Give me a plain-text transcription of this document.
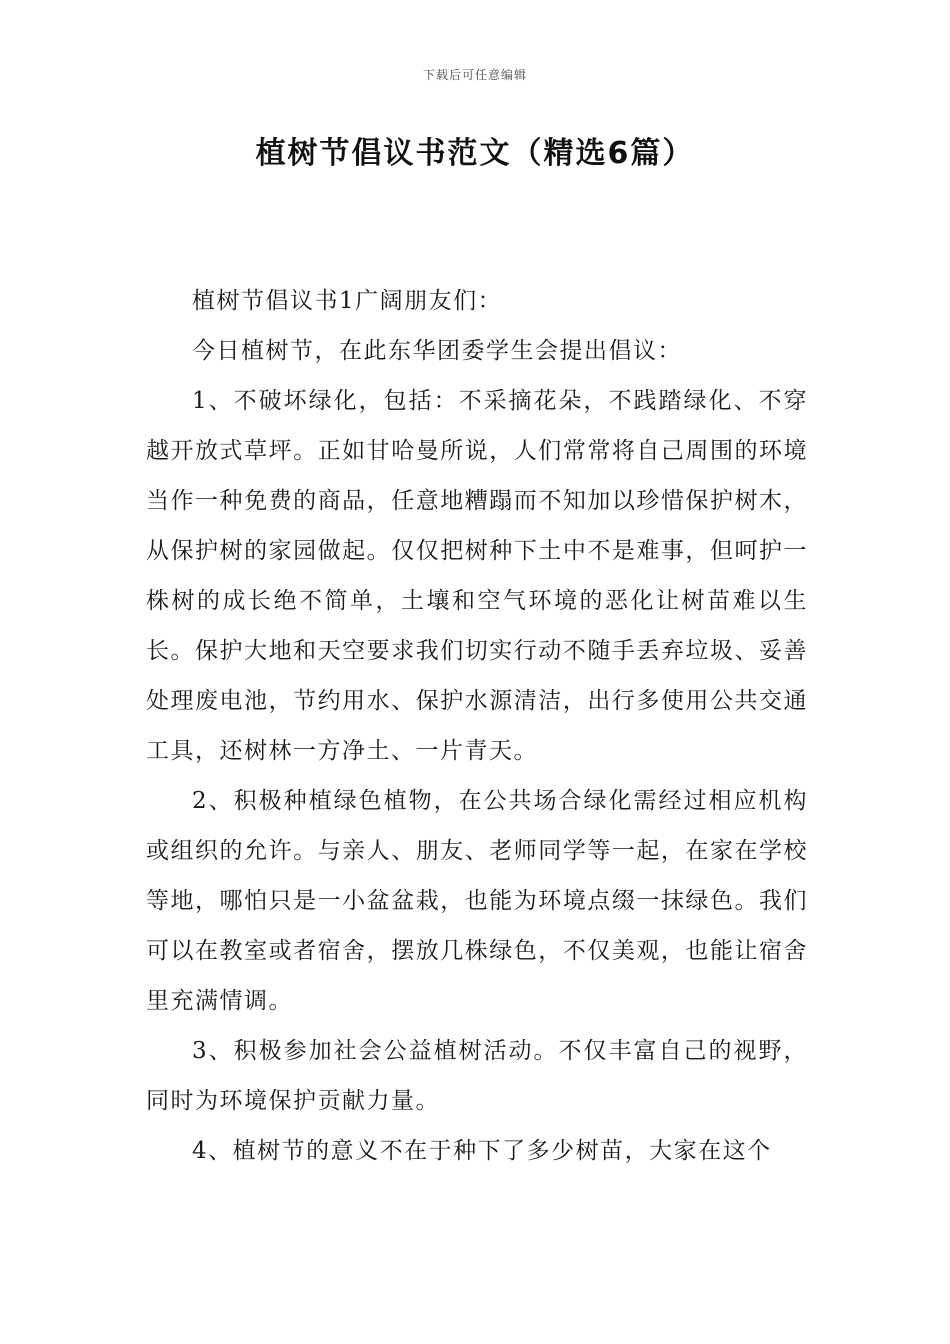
下载后可任意编辑
植树节倡议书范文（精选6篇）

植树节倡议书1广阔朋友们：

今日植树节，在此东华团委学生会提出倡议：

1、不破坏绿化，包括：不采摘花朵，不践踏绿化、不穿越开放式草坪。正如甘哈曼所说，人们常常将自己周围的环境当作一种免费的商品，任意地糟蹋而不知加以珍惜保护树木，从保护树的家园做起。仅仅把树种下土中不是难事，但呵护一株树的成长绝不简单，土壤和空气环境的恶化让树苗难以生长。保护大地和天空要求我们切实行动不随手丢弃垃圾、妥善处理废电池，节约用水、保护水源清洁，出行多使用公共交通工具，还树林一方净土、一片青天。

2、积极种植绿色植物，在公共场合绿化需经过相应机构或组织的允许。与亲人、朋友、老师同学等一起，在家在学校等地，哪怕只是一小盆盆栽，也能为环境点缀一抹绿色。我们可以在教室或者宿舍，摆放几株绿色，不仅美观，也能让宿舍里充满情调。

3、积极参加社会公益植树活动。不仅丰富自己的视野，同时为环境保护贡献力量。

4、植树节的意义不在于种下了多少树苗，大家在这个
